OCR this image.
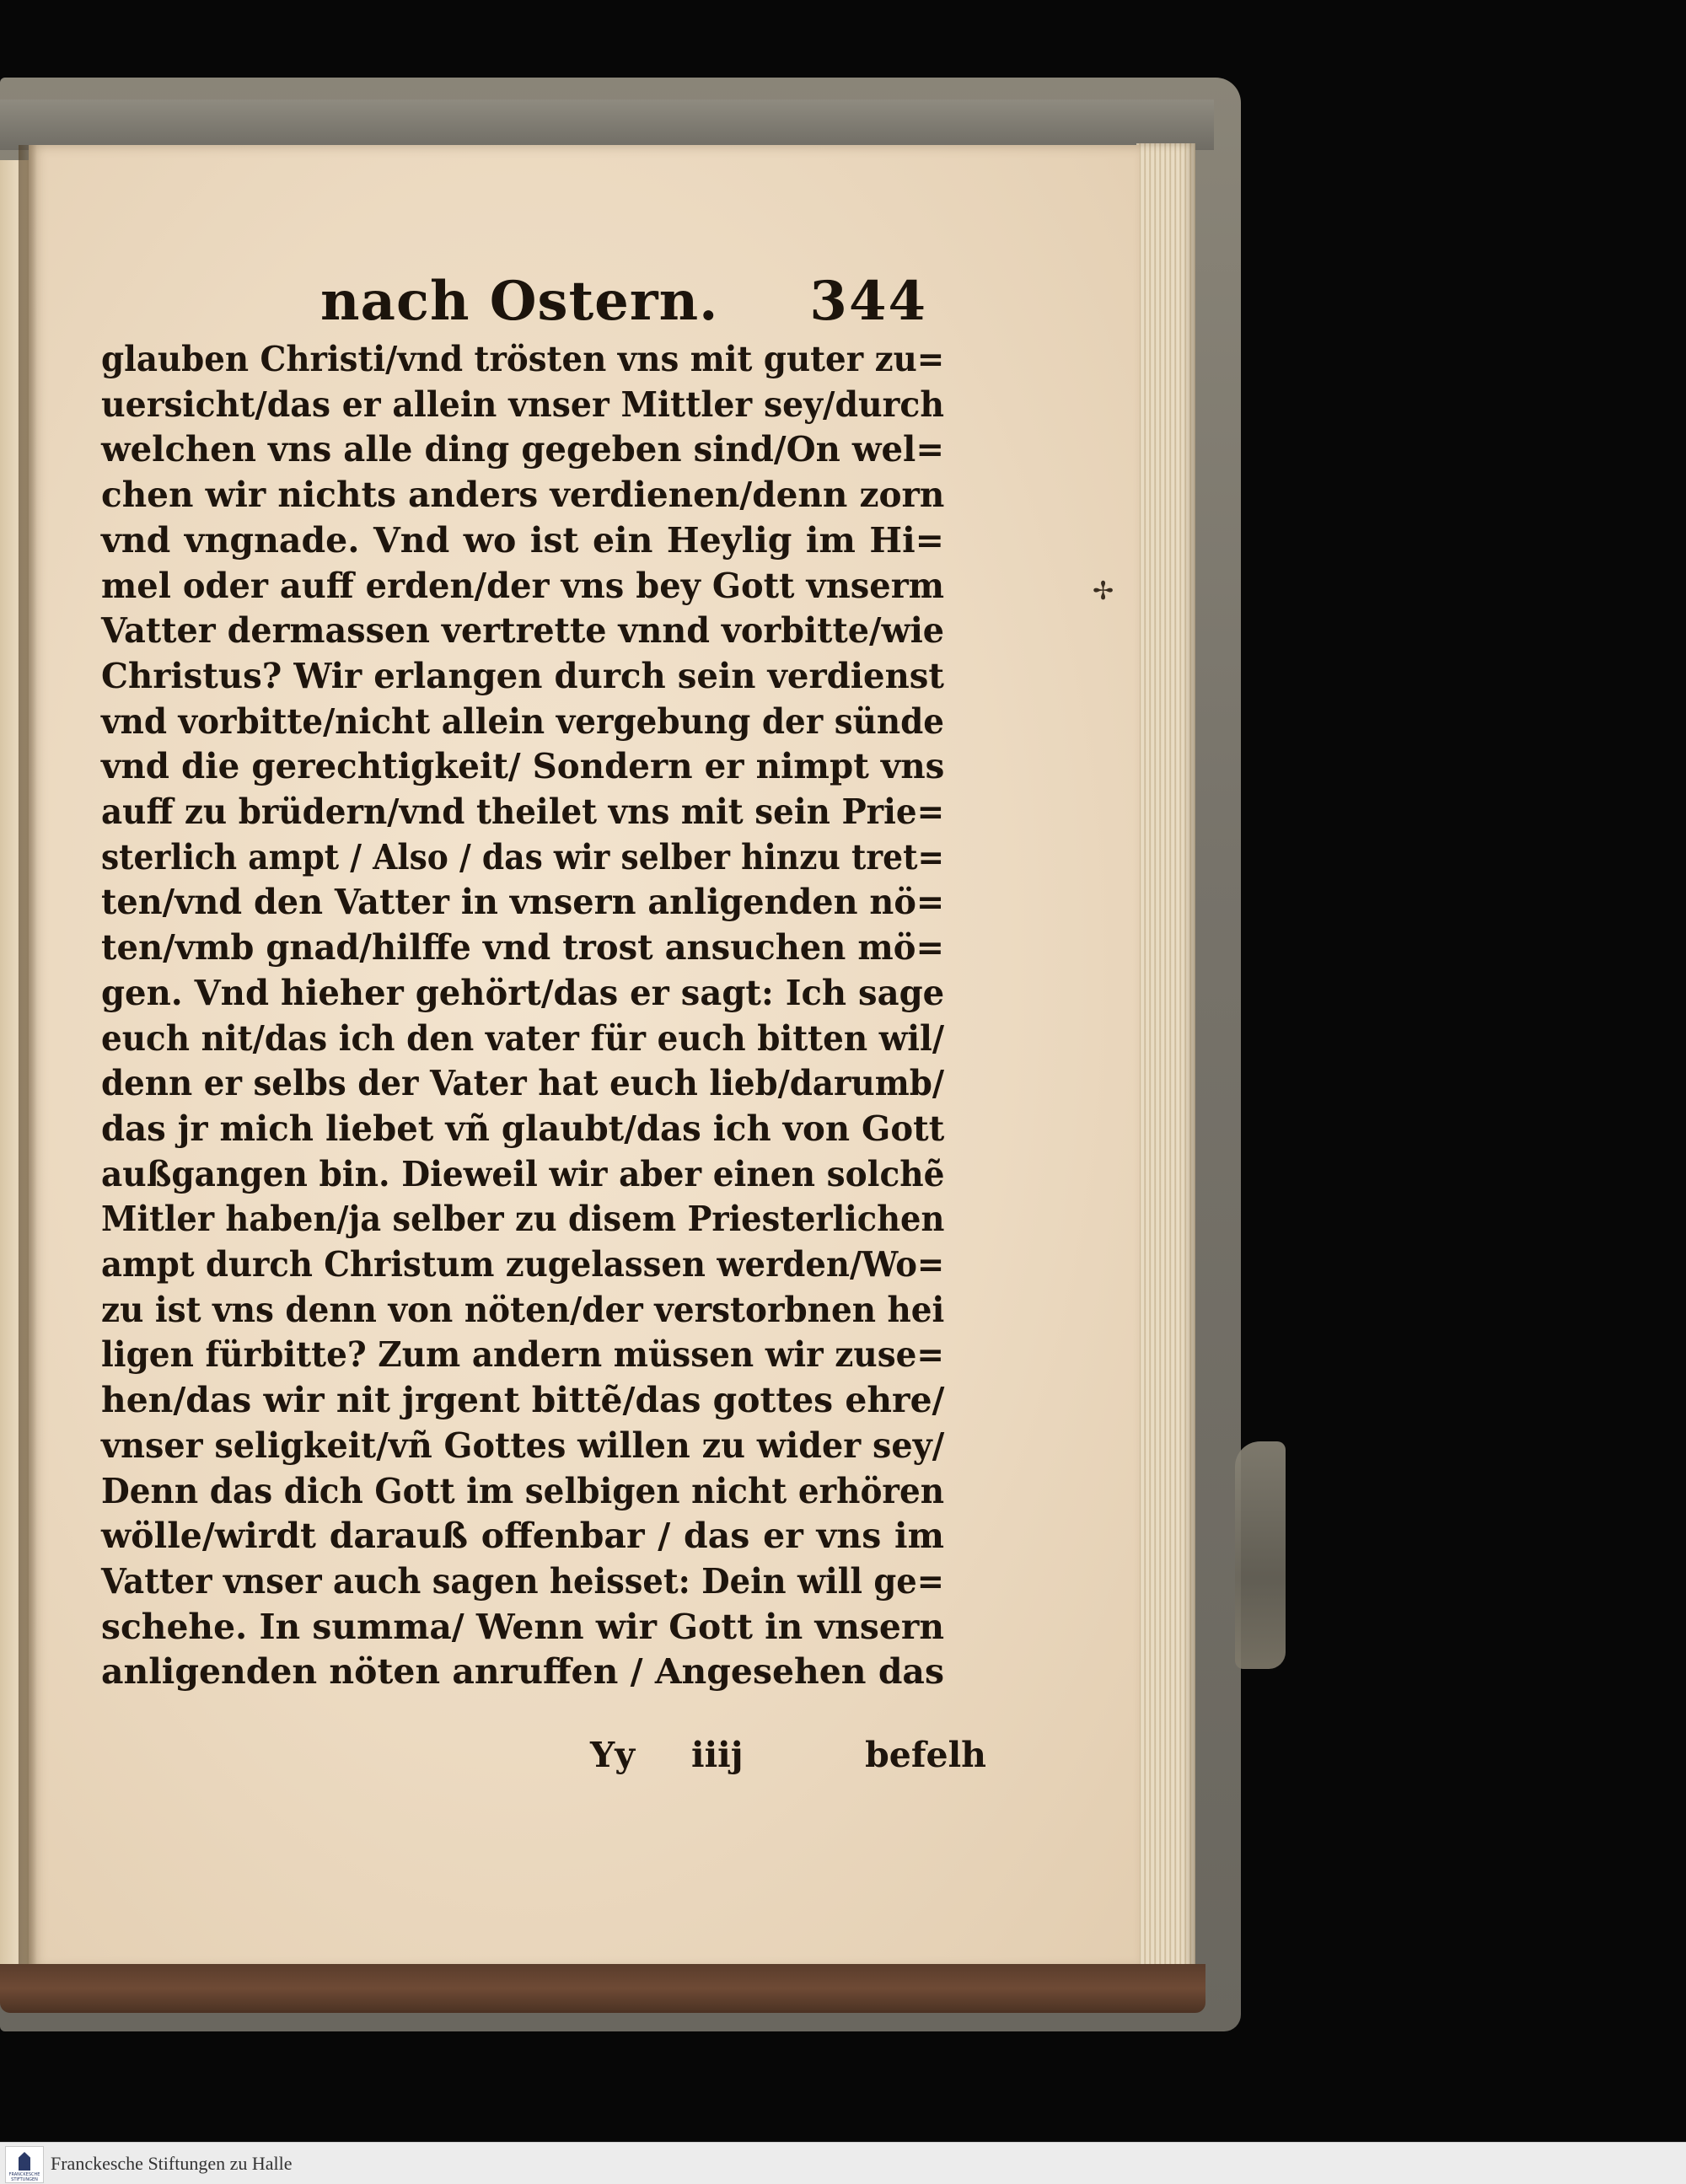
nach Ostern. 344
glauben Christi/vnd trösten vns mit guter zu=
uersicht/das er allein vnser Mittler sey/durch
welchen vns alle ding gegeben sind/On wel=
chen wir nichts anders verdienen/denn zorn
vnd vngnade. Vnd wo ist ein Heylig im Hi=
mel oder auff erden/der vns bey Gott vnserm
Vatter dermassen vertrette vnnd vorbitte/wie
Christus? Wir erlangen durch sein verdienst
vnd vorbitte/nicht allein vergebung der sünde
vnd die gerechtigkeit/ Sondern er nimpt vns
auff zu brüdern/vnd theilet vns mit sein Prie=
sterlich ampt / Also / das wir selber hinzu tret=
ten/vnd den Vatter in vnsern anligenden nö=
ten/vmb gnad/hilffe vnd trost ansuchen mö=
gen. Vnd hieher gehört/das er sagt: Ich sage
euch nit/das ich den vater für euch bitten wil/
denn er selbs der Vater hat euch lieb/darumb/
das jr mich liebet vñ glaubt/das ich von Gott
außgangen bin. Dieweil wir aber einen solchẽ
Mitler haben/ja selber zu disem Priesterlichen
ampt durch Christum zugelassen werden/Wo=
zu ist vns denn von nöten/der verstorbnen hei
ligen fürbitte? Zum andern müssen wir zuse=
hen/das wir nit jrgent bittẽ/das gottes ehre/
vnser seligkeit/vñ Gottes willen zu wider sey/
Denn das dich Gott im selbigen nicht erhören
wölle/wirdt darauß offenbar / das er vns im
Vatter vnser auch sagen heisset: Dein will ge=
schehe. In summa/ Wenn wir Gott in vnsern
anligenden nöten anruffen / Angesehen das
Yy iiij	befelh
✢
FRANCKESCHE STIFTUNGEN
Franckesche Stiftungen zu Halle
